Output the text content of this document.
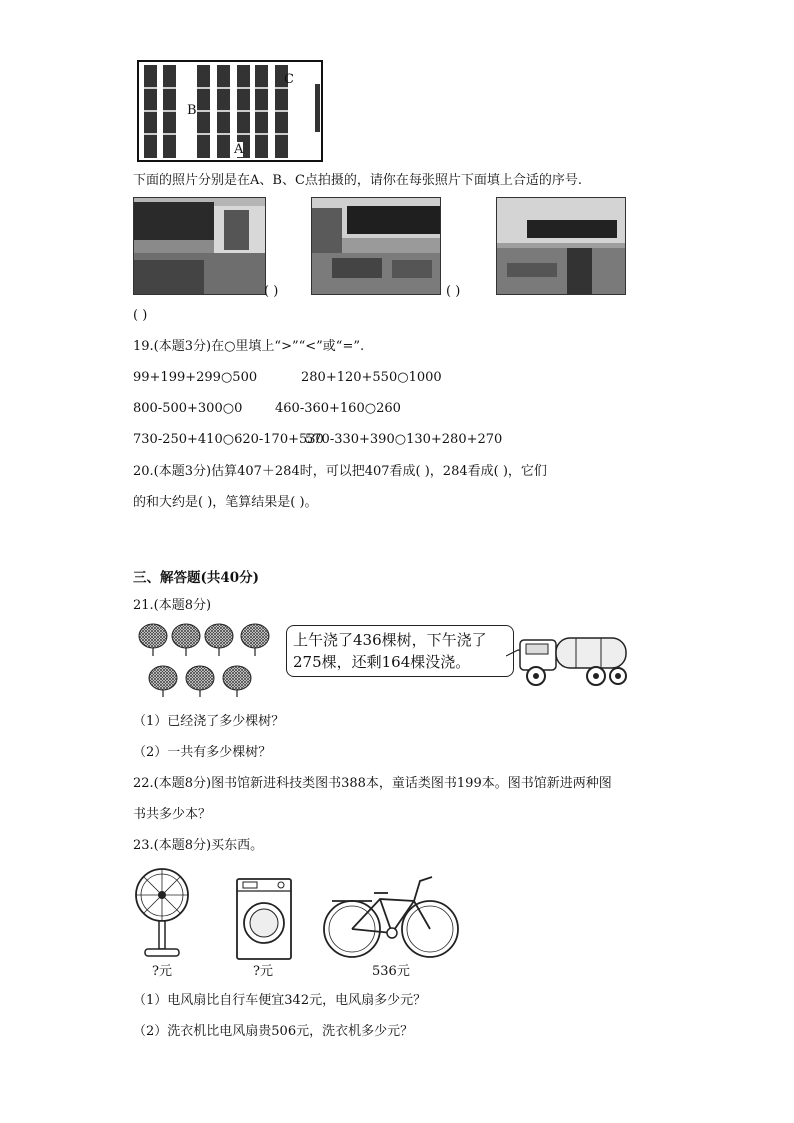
C
B
A
下面的照片分别是在A、B、C点拍摄的，请你在每张照片下面填上合适的序号.
( )	( )
( )
19.(本题3分)在○里填上“>”“<”或“=”.
99+199+299○500	280+120+550○1000
800-500+300○0	460-360+160○260
730-250+410○620-170+530
570-330+390○130+280+270
20.(本题3分)估算407＋284时，可以把407看成( )，284看成( )，它们
的和大约是( )，笔算结果是( )。
三、解答题(共40分)
21.(本题8分)
上午浇了436棵树，下午浇了275棵，还剩164棵没浇。
（1）已经浇了多少棵树？
（2）一共有多少棵树？
22.(本题8分)图书馆新进科技类图书388本，童话类图书199本。图书馆新进两种图
书共多少本？
23.(本题8分)买东西。
?元	?元	536元
（1）电风扇比自行车便宜342元，电风扇多少元？
（2）洗衣机比电风扇贵506元，洗衣机多少元？
